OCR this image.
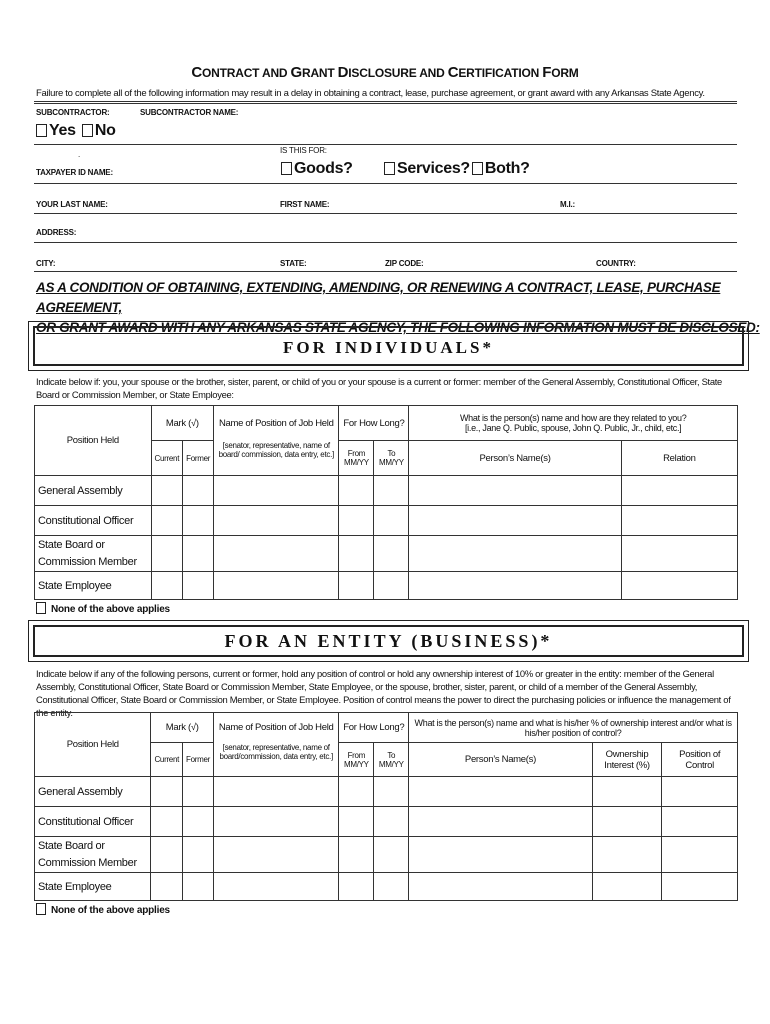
CONTRACT AND GRANT DISCLOSURE AND CERTIFICATION FORM
Failure to complete all of the following information may result in a delay in obtaining a contract, lease, purchase agreement, or grant award with any Arkansas State Agency.
SUBCONTRACTOR:	SUBCONTRACTOR NAME:
Yes No
IS THIS FOR:
.
TAXPAYER ID NAME:	Goods?	Services? Both?
YOUR LAST NAME:	FIRST NAME:	M.I.:
ADDRESS:
CITY:	STATE:	ZIP CODE:	COUNTRY:
AS A CONDITION OF OBTAINING, EXTENDING, AMENDING, OR RENEWING A CONTRACT, LEASE, PURCHASE AGREEMENT,
OR GRANT AWARD WITH ANY ARKANSAS STATE AGENCY, THE FOLLOWING INFORMATION MUST BE DISCLOSED:
FOR INDIVIDUALS*
Indicate below if: you, your spouse or the brother, sister, parent, or child of you or your spouse is a current or former: member of the General Assembly, Constitutional Officer, State Board or Commission Member, or State Employee:
Position Held	Mark (√)		Name of Position of Job Held	For How Long?		What is the person(s) name and how are they related to you?
[i.e., Jane Q. Public, spouse, John Q. Public, Jr., child, etc.]	

	Current	Former	[senator, representative, name of board/ commission, data entry, etc.]	From MM/YY	To MM/YY	Person’s Name(s)	Relation
General Assembly							
Constitutional Officer							
State Board or Commission Member							
State Employee							
None of the above applies
FOR AN ENTITY (BUSINESS)*
Indicate below if any of the following persons, current or former, hold any position of control or hold any ownership interest of 10% or greater in the entity: member of the General Assembly, Constitutional Officer, State Board or Commission Member, State Employee, or the spouse, brother, sister, parent, or child of a member of the General Assembly, Constitutional Officer, State Board or Commission Member, or State Employee. Position of control means the power to direct the purchasing policies or influence the management of the entity.
Position Held	Mark (√)		Name of Position of Job Held	For How Long?		What is the person(s) name and what is his/her % of ownership interest and/or what is his/her position of control?		
	Current	Former	[senator, representative, name of board/commission, data entry, etc.]	From MM/YY	To MM/YY	Person’s Name(s)	Ownership Interest (%)	Position of Control
General Assembly								
Constitutional Officer								
State Board or Commission Member								
State Employee								
None of the above applies
